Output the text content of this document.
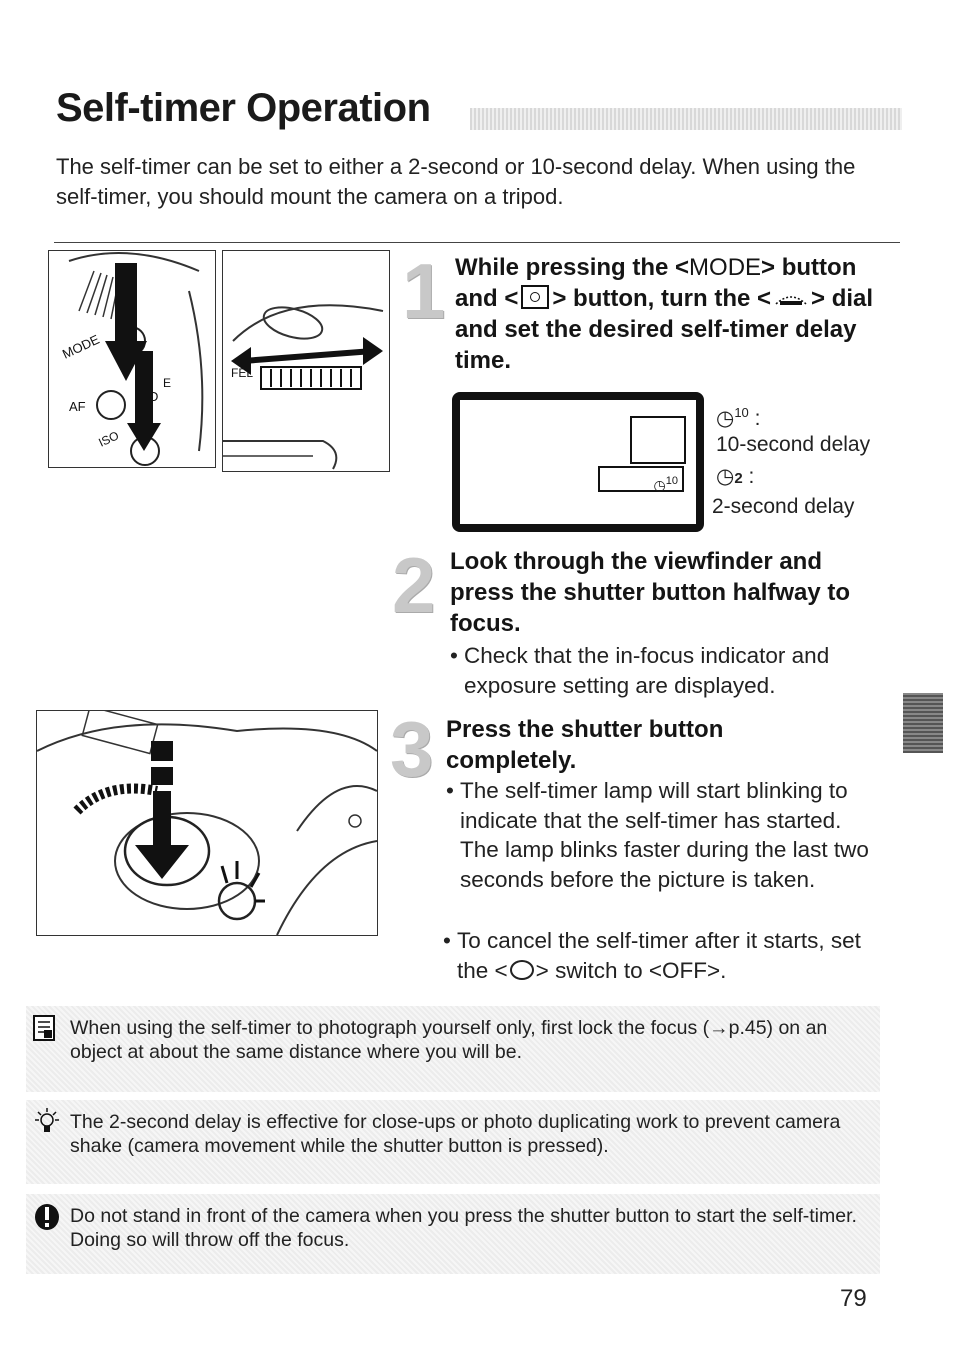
Self-timer Operation
The self-timer can be set to either a 2-second or 10-second delay. When using the self-timer, you should mount the camera on a tripod.
MODE
AF
ISO
D
E
FEL
1 While pressing the <MODE> button and < > button, turn the < > dial and set the desired self-timer delay time.
◷$^{10}$
◷$^{10}$ :
10-second delay
◷2 :
2-second delay
2 Look through the viewfinder and press the shutter button halfway to focus.
• Check that the in-focus indicator and exposure setting are displayed.
3 Press the shutter button completely.
• The self-timer lamp will start blinking to indicate that the self-timer has started. The lamp blinks faster during the last two seconds before the picture is taken.
• To cancel the self-timer after it starts, set the < > switch to <OFF>.
When using the self-timer to photograph yourself only, first lock the focus (→p.45) on an object at about the same distance where you will be.
The 2-second delay is effective for close-ups or photo duplicating work to prevent camera shake (camera movement while the shutter button is pressed).
Do not stand in front of the camera when you press the shutter button to start the self-timer. Doing so will throw off the focus.
79
